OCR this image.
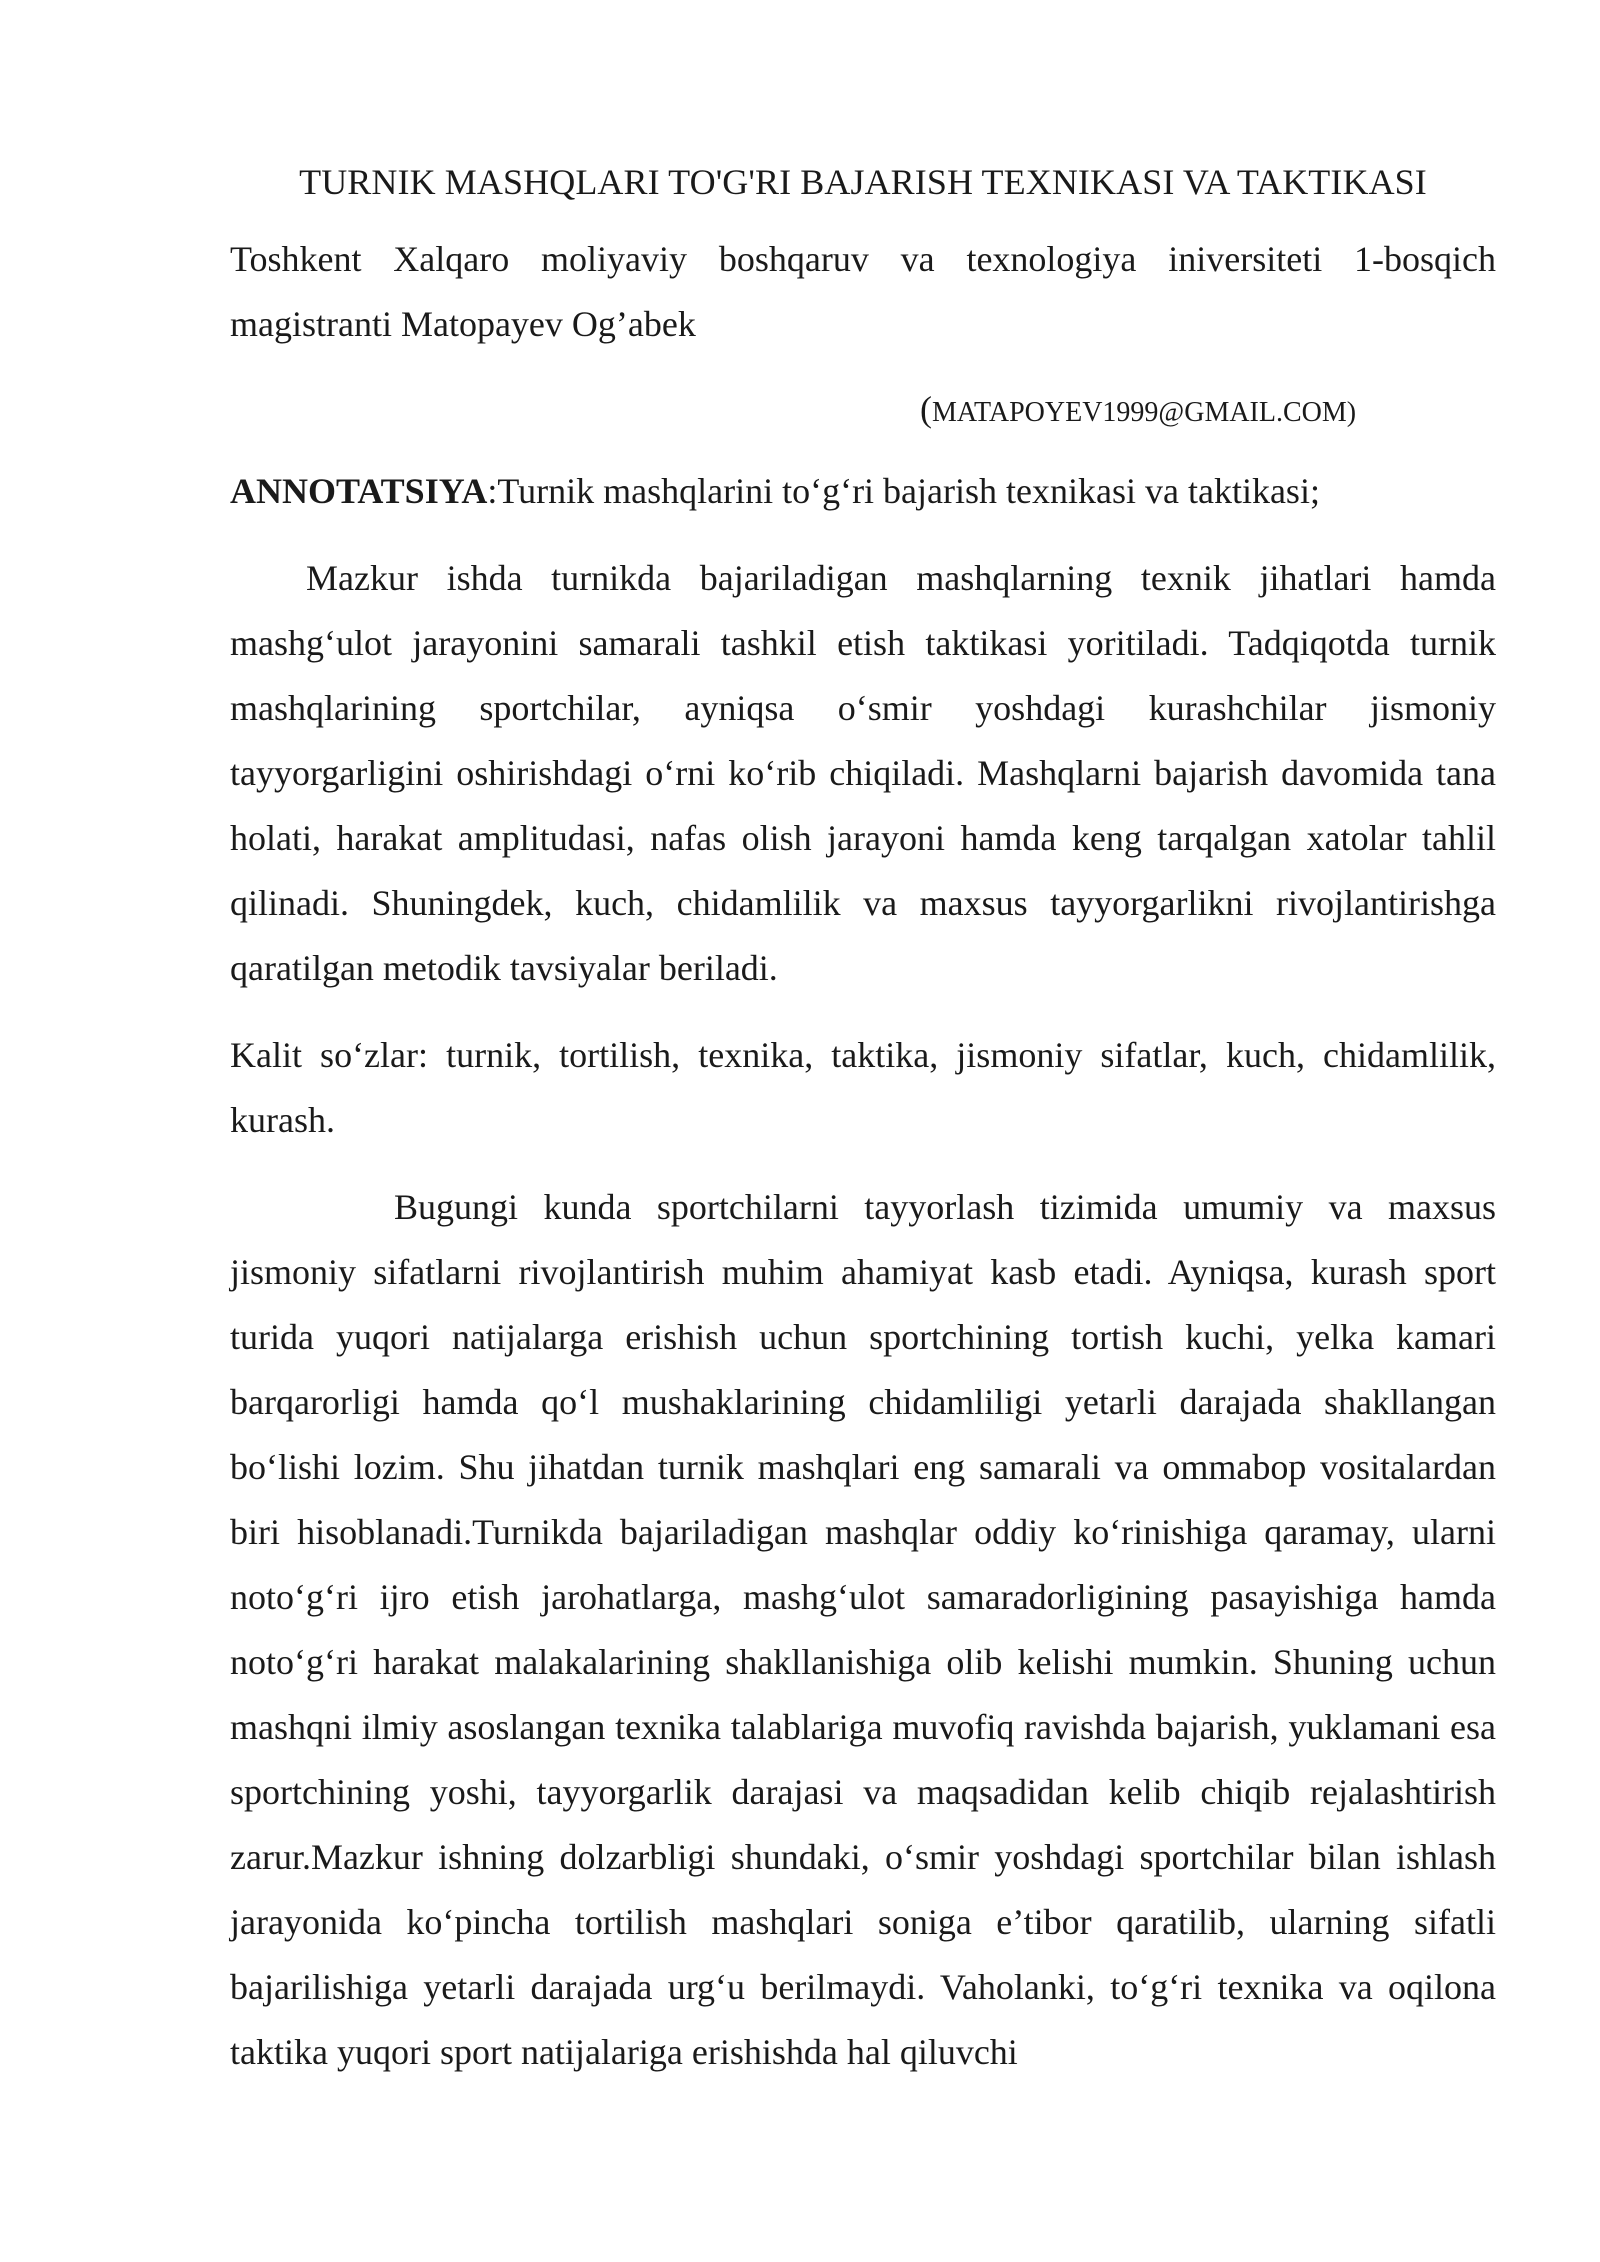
TURNIK MASHQLARI TO'G'RI BAJARISH TEXNIKASI VA TAKTIKASI

Toshkent Xalqaro moliyaviy boshqaruv va texnologiya iniversiteti 1-bosqich magistranti Matopayev Og’abek

(MATAPOYEV1999@GMAIL.COM)

ANNOTATSIYA:Turnik mashqlarini to‘g‘ri bajarish texnikasi va taktikasi;

Mazkur ishda turnikda bajariladigan mashqlarning texnik jihatlari hamda mashg‘ulot jarayonini samarali tashkil etish taktikasi yoritiladi. Tadqiqotda turnik mashqlarining sportchilar, ayniqsa o‘smir yoshdagi kurashchilar jismoniy tayyorgarligini oshirishdagi o‘rni ko‘rib chiqiladi. Mashqlarni bajarish davomida tana holati, harakat amplitudasi, nafas olish jarayoni hamda keng tarqalgan xatolar tahlil qilinadi. Shuningdek, kuch, chidamlilik va maxsus tayyorgarlikni rivojlantirishga qaratilgan metodik tavsiyalar beriladi.

Kalit so‘zlar: turnik, tortilish, texnika, taktika, jismoniy sifatlar, kuch, chidamlilik, kurash.

Bugungi kunda sportchilarni tayyorlash tizimida umumiy va maxsus jismoniy sifatlarni rivojlantirish muhim ahamiyat kasb etadi. Ayniqsa, kurash sport turida yuqori natijalarga erishish uchun sportchining tortish kuchi, yelka kamari barqarorligi hamda qo‘l mushaklarining chidamliligi yetarli darajada shakllangan bo‘lishi lozim. Shu jihatdan turnik mashqlari eng samarali va ommabop vositalardan biri hisoblanadi.Turnikda bajariladigan mashqlar oddiy ko‘rinishiga qaramay, ularni noto‘g‘ri ijro etish jarohatlarga, mashg‘ulot samaradorligining pasayishiga hamda noto‘g‘ri harakat malakalarining shakllanishiga olib kelishi mumkin. Shuning uchun mashqni ilmiy asoslangan texnika talablariga muvofiq ravishda bajarish, yuklamani esa sportchining yoshi, tayyorgarlik darajasi va maqsadidan kelib chiqib rejalashtirish zarur.Mazkur ishning dolzarbligi shundaki, o‘smir yoshdagi sportchilar bilan ishlash jarayonida ko‘pincha tortilish mashqlari soniga e’tibor qaratilib, ularning sifatli bajarilishiga yetarli darajada urg‘u berilmaydi. Vaholanki, to‘g‘ri texnika va oqilona taktika yuqori sport natijalariga erishishda hal qiluvchi
